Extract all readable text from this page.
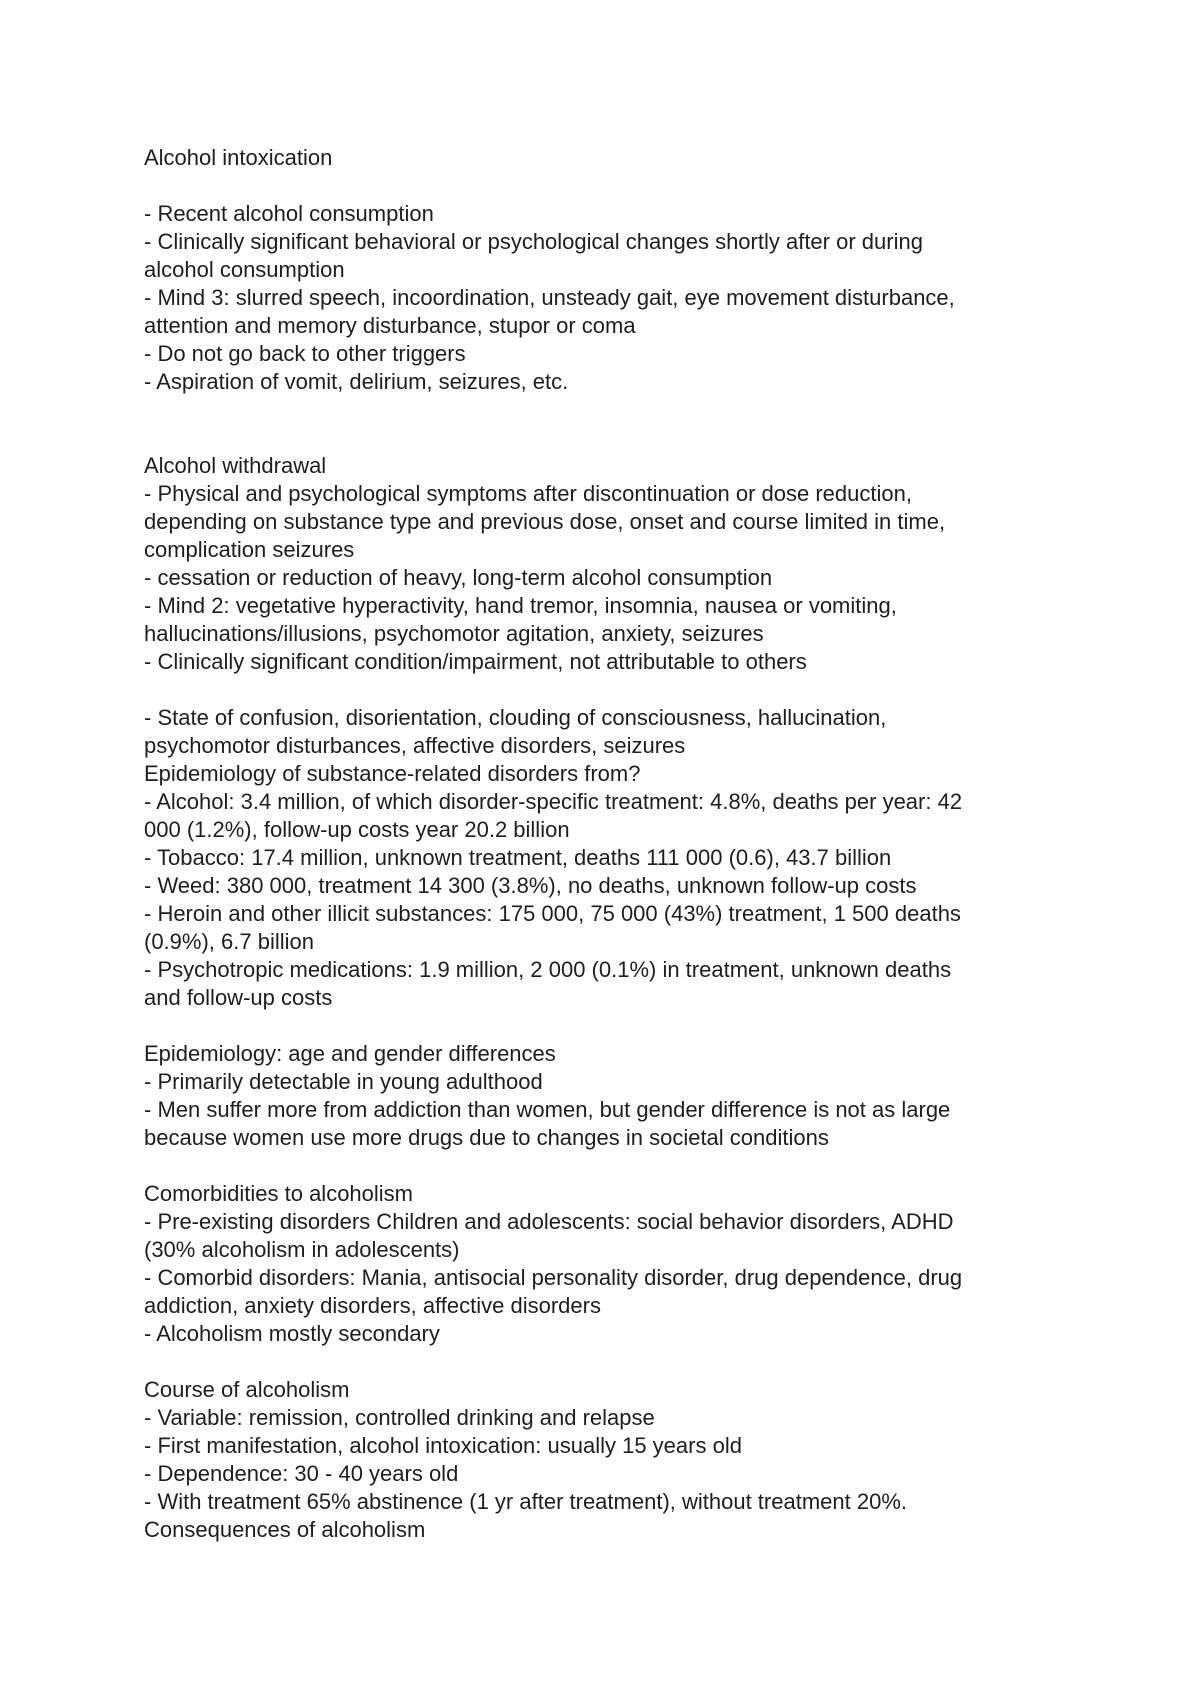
Alcohol intoxication
- Recent alcohol consumption
- Clinically significant behavioral or psychological changes shortly after or during
alcohol consumption
- Mind 3: slurred speech, incoordination, unsteady gait, eye movement disturbance,
attention and memory disturbance, stupor or coma
- Do not go back to other triggers
- Aspiration of vomit, delirium, seizures, etc.
Alcohol withdrawal
- Physical and psychological symptoms after discontinuation or dose reduction,
depending on substance type and previous dose, onset and course limited in time,
complication seizures
- cessation or reduction of heavy, long-term alcohol consumption
- Mind 2: vegetative hyperactivity, hand tremor, insomnia, nausea or vomiting,
hallucinations/illusions, psychomotor agitation, anxiety, seizures
- Clinically significant condition/impairment, not attributable to others
- State of confusion, disorientation, clouding of consciousness, hallucination,
psychomotor disturbances, affective disorders, seizures
Epidemiology of substance-related disorders from?
- Alcohol: 3.4 million, of which disorder-specific treatment: 4.8%, deaths per year: 42
000 (1.2%), follow-up costs year 20.2 billion
- Tobacco: 17.4 million, unknown treatment, deaths 111 000 (0.6), 43.7 billion
- Weed: 380 000, treatment 14 300 (3.8%), no deaths, unknown follow-up costs
- Heroin and other illicit substances: 175 000, 75 000 (43%) treatment, 1 500 deaths
(0.9%), 6.7 billion
- Psychotropic medications: 1.9 million, 2 000 (0.1%) in treatment, unknown deaths
and follow-up costs
Epidemiology: age and gender differences
- Primarily detectable in young adulthood
- Men suffer more from addiction than women, but gender difference is not as large
because women use more drugs due to changes in societal conditions
Comorbidities to alcoholism
- Pre-existing disorders Children and adolescents: social behavior disorders, ADHD
(30% alcoholism in adolescents)
- Comorbid disorders: Mania, antisocial personality disorder, drug dependence, drug
addiction, anxiety disorders, affective disorders
- Alcoholism mostly secondary
Course of alcoholism
- Variable: remission, controlled drinking and relapse
- First manifestation, alcohol intoxication: usually 15 years old
- Dependence: 30 - 40 years old
- With treatment 65% abstinence (1 yr after treatment), without treatment 20%.
Consequences of alcoholism
